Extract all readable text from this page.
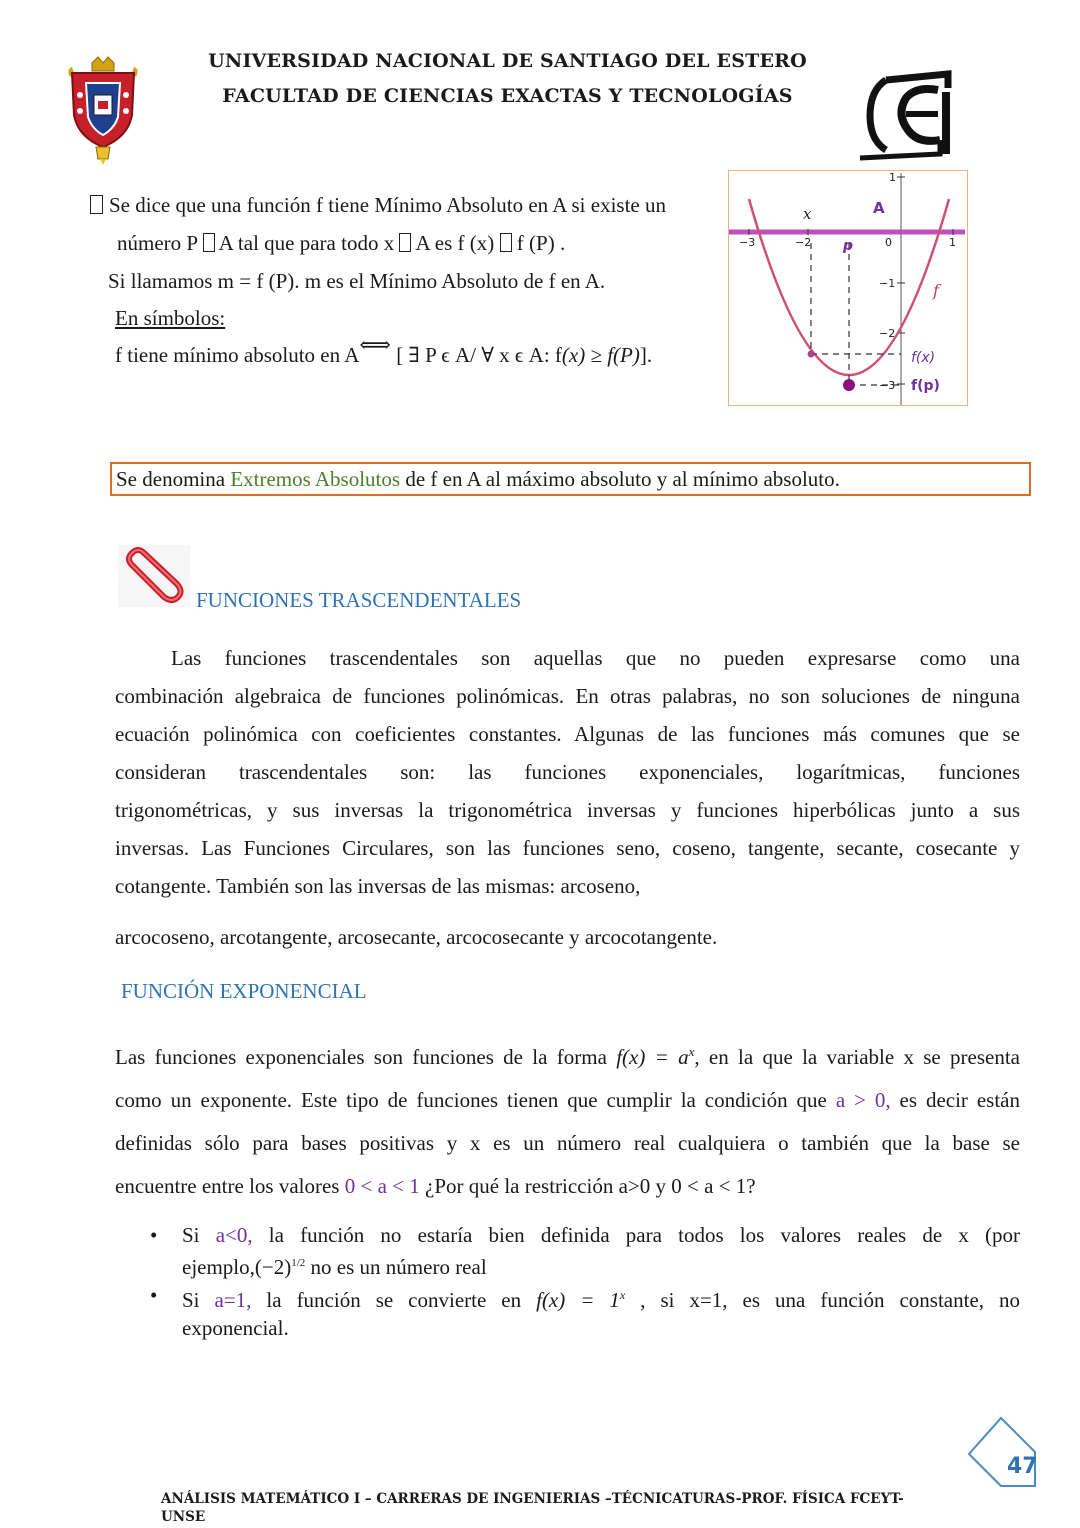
UNIVERSIDAD NACIONAL DE SANTIAGO DEL ESTERO
FACULTAD DE CIENCIAS EXACTAS Y TECNOLOGÍAS
Se dice que una función f tiene Mínimo Absoluto en A si existe un
número P  A tal que para todo x  A es f (x)  f (P) .
Si llamamos m = f (P). m es el Mínimo Absoluto de f en A.
En símbolos:
f tiene mínimo absoluto en A⟺ [ ∃ P ϵ A/ ∀ x ϵ A: f(x) ≥ f(P)].
x	A
p
f
f(x)
f(p)
−3	−2	0	1
1
−1
−2
−3
Se denomina Extremos Absolutos de f en A al máximo absoluto y al mínimo absoluto.
FUNCIONES TRASCENDENTALES
Las funciones trascendentales son aquellas que no pueden expresarse como una
combinación algebraica de funciones polinómicas. En otras palabras, no son soluciones de ninguna
ecuación polinómica con coeficientes constantes. Algunas de las funciones más comunes que se
consideran trascendentales son: las funciones exponenciales, logarítmicas, funciones
trigonométricas, y sus inversas la trigonométrica inversas y funciones hiperbólicas junto a sus
inversas. Las Funciones Circulares, son las funciones seno, coseno, tangente, secante, cosecante y
cotangente. También son las inversas de las mismas: arcoseno,
arcocoseno, arcotangente, arcosecante, arcocosecante y arcocotangente.
FUNCIÓN EXPONENCIAL
Las funciones exponenciales son funciones de la forma $f(x) = a^x$, en la que la variable x se presenta
como un exponente. Este tipo de funciones tienen que cumplir la condición que a > 0, es decir están
definidas sólo para bases positivas y x es un número real cualquiera o también que la base se
encuentre entre los valores 0 < a < 1 ¿Por qué la restricción a>0 y 0 < a < 1?
• Si a<0, la función no estaría bien definida para todos los valores reales de x (por
$ejemplo,(-2)^{1/2}$ no es un número real
• Si a=1, la función se convierte en $f(x) = 1^x$ , si x=1, es una función constante, no
exponencial.
47
ANÁLISIS MATEMÁTICO I – CARRERAS DE INGENIERIAS –TÉCNICATURAS-PROF. FÍSICA FCEYT-
UNSE
